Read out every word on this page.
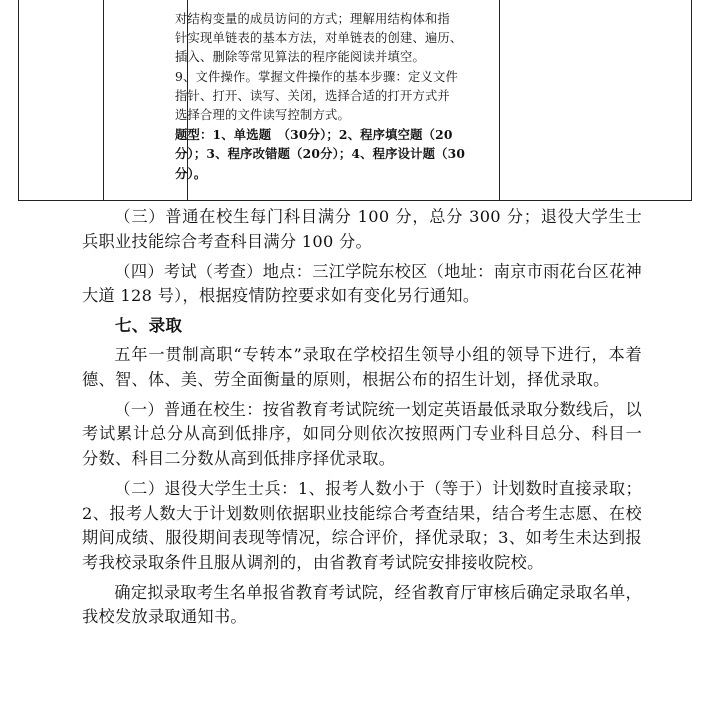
对结构变量的成员访问的方式；理解用结构体和指

针实现单链表的基本方法，对单链表的创建、遍历、

插入、删除等常见算法的程序能阅读并填空。

9、文件操作。掌握文件操作的基本步骤：定义文件

指针、打开、读写、关闭，选择合适的打开方式并

选择合理的文件读写控制方式。

题型：1、单选题　（30分）；2、程序填空题（20

分）；3、程序改错题（20分）；4、程序设计题（30

分）。

（三）普通在校生每门科目满分 100 分，总分 300 分；退役大学生士兵职业技能综合考查科目满分 100 分。

（四）考试（考查）地点：三江学院东校区（地址：南京市雨花台区花神大道 128 号），根据疫情防控要求如有变化另行通知。

七、录取

五年一贯制高职“专转本”录取在学校招生领导小组的领导下进行，本着德、智、体、美、劳全面衡量的原则，根据公布的招生计划，择优录取。

（一）普通在校生：按省教育考试院统一划定英语最低录取分数线后，以考试累计总分从高到低排序，如同分则依次按照两门专业科目总分、科目一分数、科目二分数从高到低排序择优录取。

（二）退役大学生士兵：1、报考人数小于（等于）计划数时直接录取；2、报考人数大于计划数则依据职业技能综合考查结果，结合考生志愿、在校期间成绩、服役期间表现等情况，综合评价，择优录取；3、如考生未达到报考我校录取条件且服从调剂的，由省教育考试院安排接收院校。

确定拟录取考生名单报省教育考试院，经省教育厅审核后确定录取名单，我校发放录取通知书。
